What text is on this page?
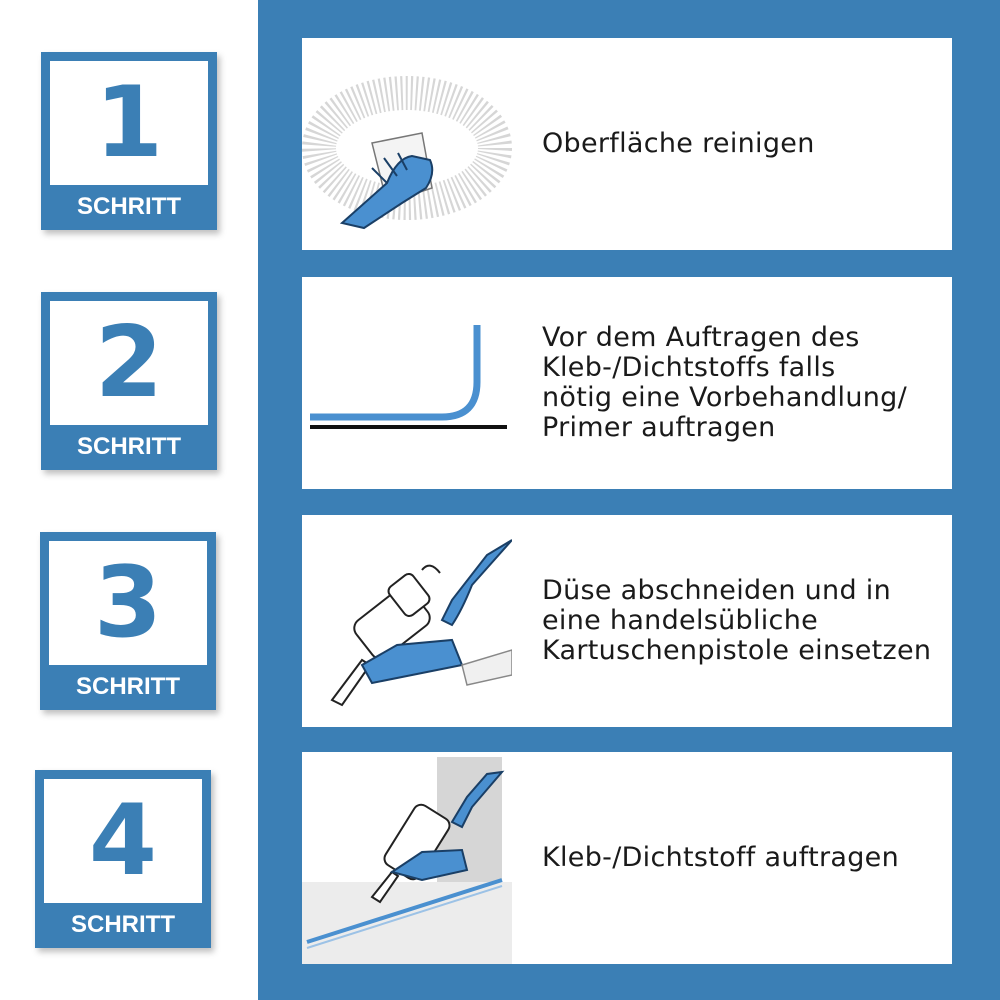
1
SCHRITT
Oberfläche reinigen
2
SCHRITT
Vor dem Auftragen des
Kleb-/Dichtstoffs falls
nötig eine Vorbehandlung/
Primer auftragen
3
SCHRITT
Düse abschneiden und in
eine handelsübliche
Kartuschenpistole einsetzen
4
SCHRITT
Kleb-/Dichtstoff auftragen
